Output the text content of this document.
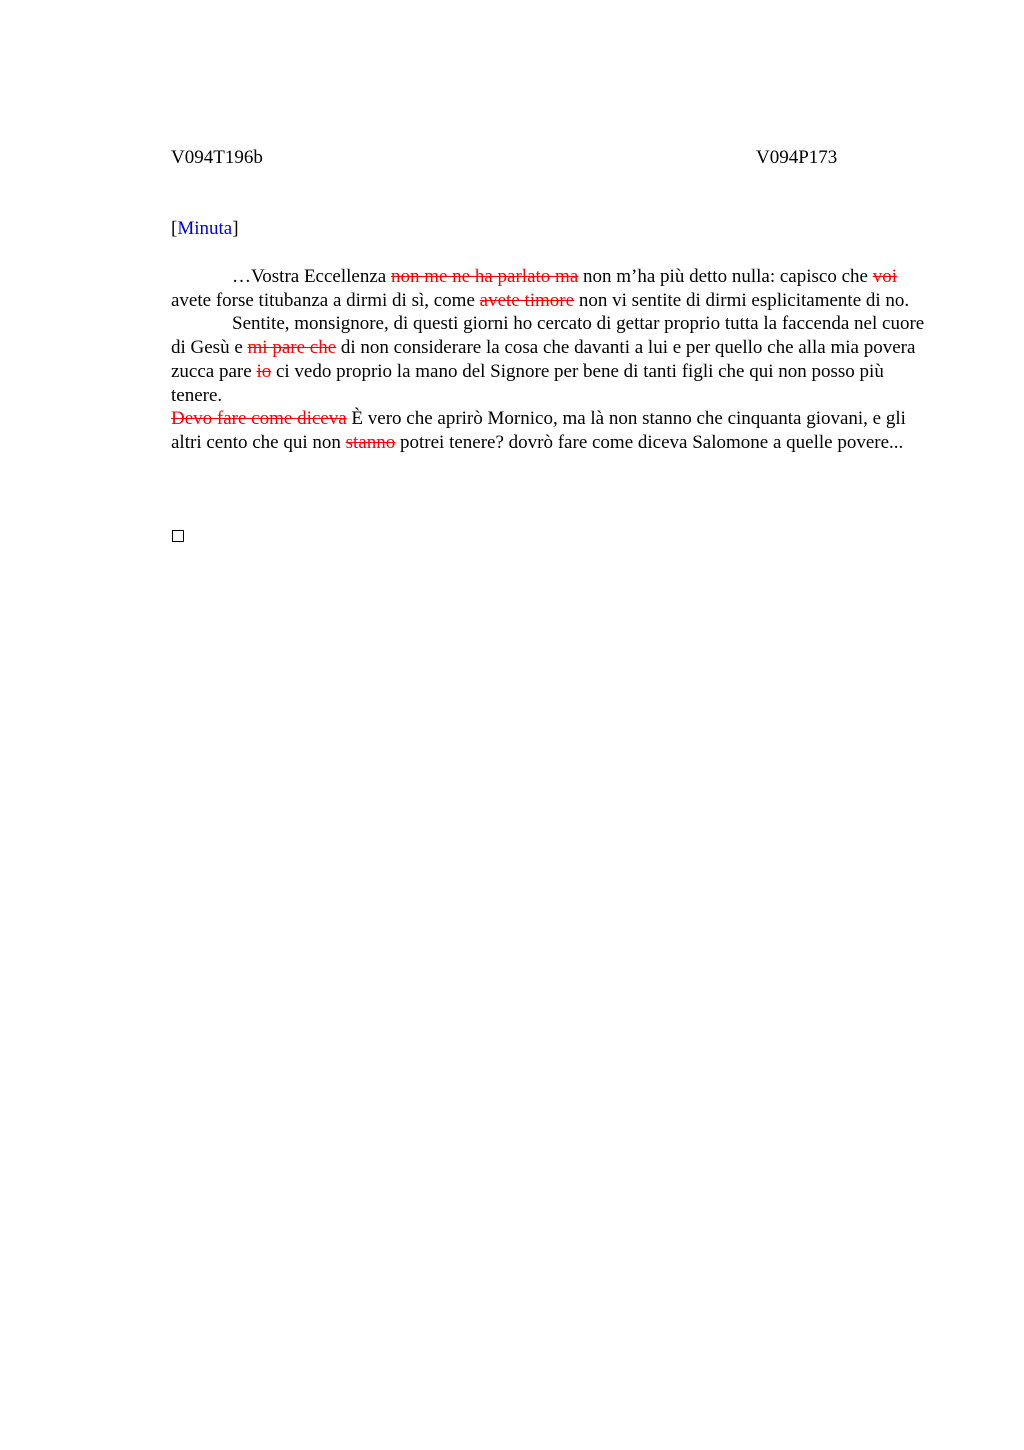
V094T196b	V094P173
[Minuta]

…Vostra Eccellenza non me ne ha parlato ma non m’ha più detto nulla: capisco che voi avete forse titubanza a dirmi di sì, come avete timore non vi sentite di dirmi esplicitamente di no.

Sentite, monsignore, di questi giorni ho cercato di gettar proprio tutta la faccenda nel cuore di Gesù e mi pare che di non considerare la cosa che davanti a lui e per quello che alla mia povera zucca pare io ci vedo proprio la mano del Signore per bene di tanti figli che qui non posso più tenere.

Devo fare come diceva È vero che aprirò Mornico, ma là non stanno che cinquanta giovani, e gli altri cento che qui non stanno potrei tenere? dovrò fare come diceva Salomone a quelle povere...
